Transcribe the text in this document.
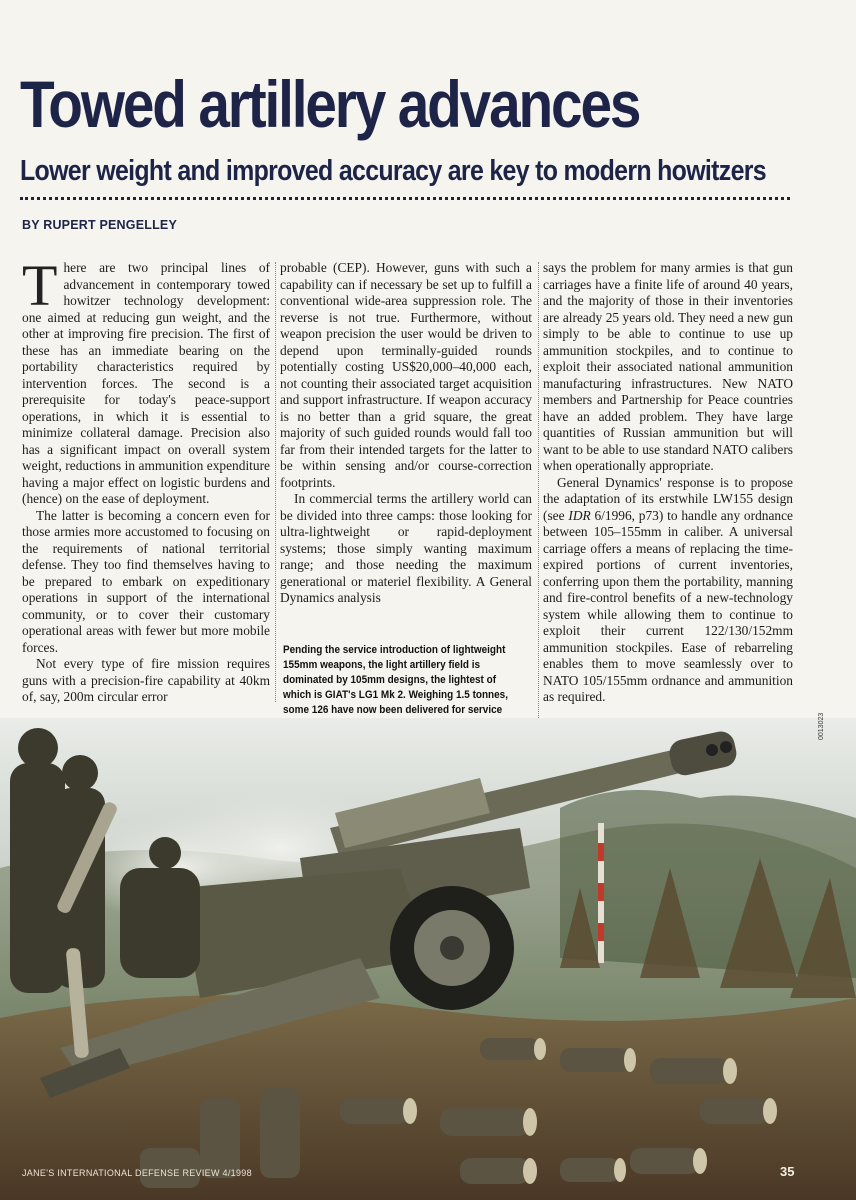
Towed artillery advances
Lower weight and improved accuracy are key to modern howitzers
BY RUPERT PENGELLEY

There are two principal lines of advancement in contemporary towed howitzer technology development: one aimed at reducing gun weight, and the other at improving fire precision. The first of these has an immediate bearing on the portability characteristics required by intervention forces. The second is a prerequisite for today's peace-support operations, in which it is essential to minimize collateral damage. Precision also has a significant impact on overall system weight, reductions in ammunition expenditure having a major effect on logistic burdens and (hence) on the ease of deployment.

The latter is becoming a concern even for those armies more accustomed to focusing on the requirements of national territorial defense. They too find themselves having to be prepared to embark on expeditionary operations in support of the international community, or to cover their customary operational areas with fewer but more mobile forces.

Not every type of fire mission requires guns with a precision-fire capability at 40km of, say, 200m circular error

probable (CEP). However, guns with such a capability can if necessary be set up to fulfill a conventional wide-area suppression role. The reverse is not true. Furthermore, without weapon precision the user would be driven to depend upon terminally-guided rounds potentially costing US$20,000–40,000 each, not counting their associated target acquisition and support infrastructure. If weapon accuracy is no better than a grid square, the great majority of such guided rounds would fall too far from their intended targets for the latter to be within sensing and/or course-correction footprints.

In commercial terms the artillery world can be divided into three camps: those looking for ultra-lightweight or rapid-deployment systems; those simply wanting maximum range; and those needing the maximum generational or materiel flexibility. A General Dynamics analysis

says the problem for many armies is that gun carriages have a finite life of around 40 years, and the majority of those in their inventories are already 25 years old. They need a new gun simply to be able to continue to use up ammunition stockpiles, and to continue to exploit their associated national ammunition manufacturing infrastructures. New NATO members and Partnership for Peace countries have an added problem. They have large quantities of Russian ammunition but will want to be able to use standard NATO calibers when operationally appropriate.

General Dynamics' response is to propose the adaptation of its erstwhile LW155 design (see IDR 6/1996, p73) to handle any ordnance between 105–155mm in caliber. A universal carriage offers a means of replacing the time-expired portions of current inventories, conferring upon them the portability, manning and fire-control benefits of a new-technology system while allowing them to continue to exploit their current 122/130/152mm ammunition stockpiles. Ease of rebarreling enables them to move seamlessly over to NATO 105/155mm ordnance and ammunition as required.

Pending the service introduction of lightweight 155mm weapons, the light artillery field is dominated by 105mm designs, the lightest of which is GIAT's LG1 Mk 2. Weighing 1.5 tonnes, some 126 have now been delivered for service
0013023
JANE'S INTERNATIONAL DEFENSE REVIEW 4/1998	35
